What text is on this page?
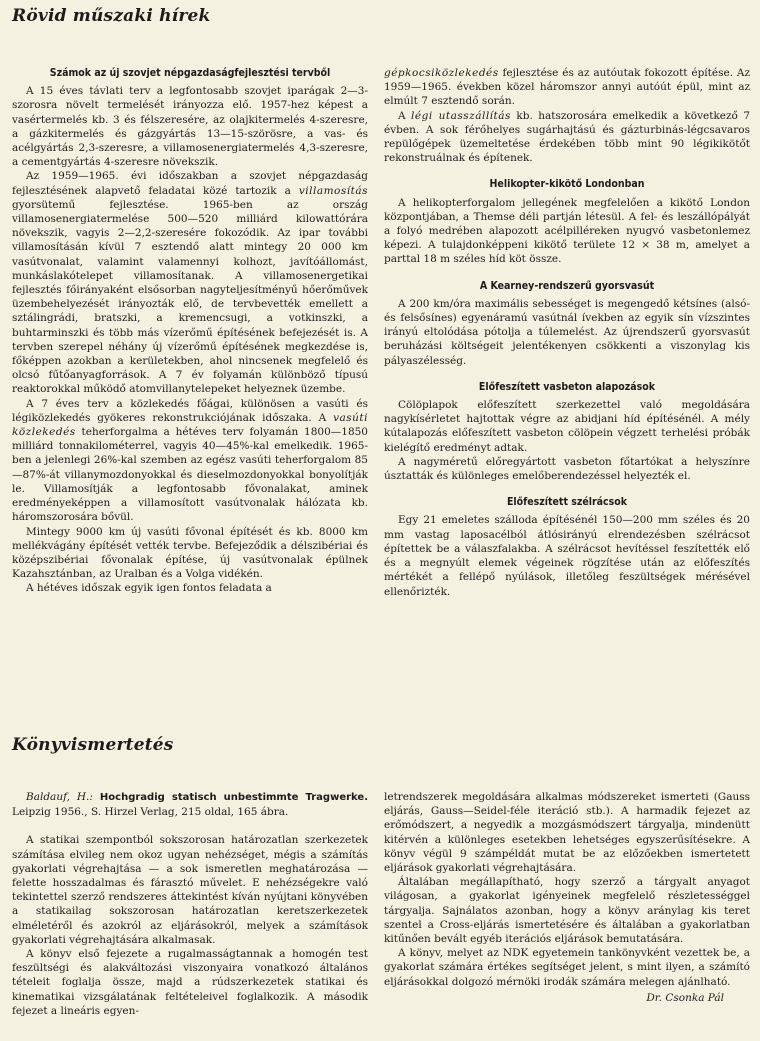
Rövid műszaki hírek
Számok az új szovjet népgazdaságfejlesztési tervből

A 15 éves távlati terv a legfontosabb szovjet iparágak 2—3-szorosra növelt termelését irányozza elő. 1957-hez képest a vasértermelés kb. 3 és félszeresére, az olajkitermelés 4-szeresre, a gázkitermelés és gázgyártás 13—15-szörösre, a vas- és acélgyártás 2,3-szeresre, a villamosenergiatermelés 4,3-szeresre, a cementgyártás 4-szeresre növekszik.

Az 1959—1965. évi időszakban a szovjet népgazdaság fejlesztésének alapvető feladatai közé tartozik a villamosítás gyorsütemű fejlesztése. 1965-ben az ország villamosenergiatermelése 500—520 milliárd kilowattórára növekszik, vagyis 2—2,2-szeresére fokozódik. Az ipar további villamosításán kívül 7 esztendő alatt mintegy 20 000 km vasútvonalat, valamint valamennyi kolhozt, javítóállomást, munkáslakótelepet villamosítanak. A villamosenergetikai fejlesztés főirányaként elsősorban nagyteljesítményű hőerőművek üzembehelyezését irányozták elő, de tervbevették emellett a sztálingrádi, bratszki, a kremencsugi, a votkinszki, a buhtarminszki és több más vízerőmű építésének befejezését is. A tervben szerepel néhány új vízerőmű építésének megkezdése is, főképpen azokban a kerületekben, ahol nincsenek megfelelő és olcsó fűtőanyagforrások. A 7 év folyamán különböző típusú reaktorokkal működő atomvillanytelepeket helyeznek üzembe.

A 7 éves terv a közlekedés főágai, különösen a vasúti és légiközlekedés gyökeres rekonstrukciójának időszaka. A vasúti közlekedés teherforgalma a hétéves terv folyamán 1800—1850 milliárd tonnakilométerrel, vagyis 40—45%-kal emelkedik. 1965-ben a jelenlegi 26%-kal szemben az egész vasúti teherforgalom 85—87%-át villanymozdonyokkal és dieselmozdonyokkal bonyolítják le. Villamosítják a legfontosabb fővonalakat, aminek eredményeképpen a villamosított vasútvonalak hálózata kb. háromszorosára bővül.

Mintegy 9000 km új vasúti fővonal építését és kb. 8000 km mellékvágány építését vették tervbe. Befejeződik a délszibériai és középszibériai fővonalak építése, új vasútvonalak épülnek Kazahsztánban, az Uralban és a Volga vidékén.

A hétéves időszak egyik igen fontos feladata a

gépkocsiközlekedés fejlesztése és az autóutak fokozott építése. Az 1959—1965. években közel háromszor annyi autóút épül, mint az elmúlt 7 esztendő során.

A légi utasszállítás kb. hatszorosára emelkedik a következő 7 évben. A sok férőhelyes sugárhajtású és gázturbinás-légcsavaros repülőgépek üzemeltetése érdekében több mint 90 légikikötőt rekonstruálnak és építenek.

Helikopter-kikötő Londonban

A helikopterforgalom jellegének megfelelően a kikötő London központjában, a Themse déli partján létesül. A fel- és leszállópályát a folyó medrében alapozott acélpilléreken nyugvó vasbetonlemez képezi. A tulajdonképpeni kikötő területe 12 × 38 m, amelyet a parttal 18 m széles híd köt össze.

A Kearney-rendszerű gyorsvasút

A 200 km/óra maximális sebességet is megengedő kétsínes (alsó- és felsősínes) egyenáramú vasútnál ívekben az egyik sín vízszintes irányú eltolódása pótolja a túlemelést. Az újrendszerű gyorsvasút beruházási költségeit jelentékenyen csökkenti a viszonylag kis pályaszélesség.

Előfeszített vasbeton alapozások

Cölöplapok előfeszített szerkezettel való megoldására nagykísérletet hajtottak végre az abidjani híd építésénél. A mély kútalapozás előfeszített vasbeton cölöpein végzett terhelési próbák kielégítő eredményt adtak.

A nagyméretű előregyártott vasbeton főtartókat a helyszínre úsztatták és különleges emelőberendezéssel helyezték el.

Előfeszített szélrácsok

Egy 21 emeletes szálloda építésénél 150—200 mm széles és 20 mm vastag laposacélból átlósirányú elrendezésben szélrácsot építettek be a válaszfalakba. A szélrácsot hevítéssel feszítették elő és a megnyúlt elemek végeinek rögzítése után az előfeszítés mértékét a fellépő nyúlások, illetőleg feszültségek mérésével ellenőrizték.

Könyvismertetés

Baldauf, H.: Hochgradig statisch unbestimmte Tragwerke. Leipzig 1956., S. Hirzel Verlag, 215 oldal, 165 ábra.

A statikai szempontból sokszorosan határozatlan szerkezetek számítása elvileg nem okoz ugyan nehézséget, mégis a számítás gyakorlati végrehajtása — a sok ismeretlen meghatározása — felette hosszadalmas és fárasztó művelet. E nehézségekre való tekintettel szerző rendszeres áttekintést kíván nyújtani könyvében a statikailag sokszorosan határozatlan keretszerkezetek elméletéről és azokról az eljárásokról, melyek a számítások gyakorlati végrehajtására alkalmasak.

A könyv első fejezete a rugalmasságtannak a homogén test feszültségi és alakváltozási viszonyaira vonatkozó általános tételeit foglalja össze, majd a rúdszerkezetek statikai és kinematikai vizsgálatának feltételeivel foglalkozik. A második fejezet a lineáris egyen-

letrendszerek megoldására alkalmas módszereket ismerteti (Gauss eljárás, Gauss—Seidel-féle iteráció stb.). A harmadik fejezet az erőmódszert, a negyedik a mozgásmódszert tárgyalja, mindenütt kitérvén a különleges esetekben lehetséges egyszerűsítésekre. A könyv végül 9 számpéldát mutat be az előzőekben ismertetett eljárások gyakorlati végrehajtására.

Általában megállapítható, hogy szerző a tárgyalt anyagot világosan, a gyakorlat igényeinek megfelelő részletességgel tárgyalja. Sajnálatos azonban, hogy a könyv aránylag kis teret szentel a Cross-eljárás ismertetésére és általában a gyakorlatban kitűnően bevált egyéb iterációs eljárások bemutatására.

A könyv, melyet az NDK egyetemein tankönyvként vezettek be, a gyakorlat számára értékes segítséget jelent, s mint ilyen, a számító eljárásokkal dolgozó mérnöki irodák számára melegen ajánlható.

Dr. Csonka Pál
